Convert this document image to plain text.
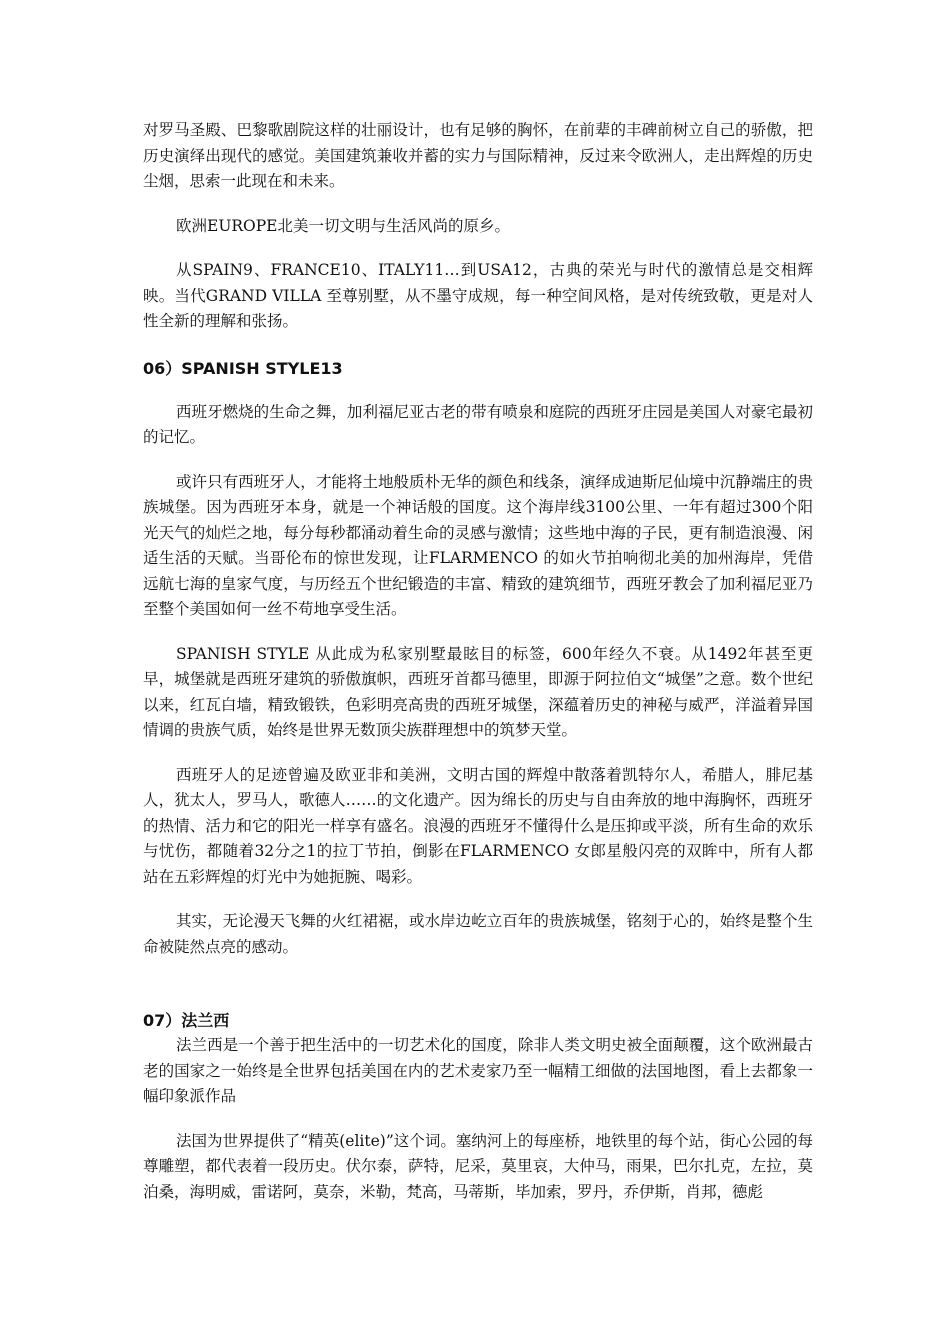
对罗马圣殿、巴黎歌剧院这样的壮丽设计，也有足够的胸怀，在前辈的丰碑前树立自己的骄傲，把历史演绎出现代的感觉。美国建筑兼收并蓄的实力与国际精神，反过来令欧洲人，走出辉煌的历史尘烟，思索一此现在和未来。

欧洲EUROPE北美一切文明与生活风尚的原乡。

从SPAIN9、FRANCE10、ITALY11…到USA12，古典的荣光与时代的激情总是交相辉映。当代GRAND VILLA 至尊别墅，从不墨守成规，每一种空间风格，是对传统致敬，更是对人性全新的理解和张扬。

06）SPANISH STYLE13

西班牙燃烧的生命之舞，加利福尼亚古老的带有喷泉和庭院的西班牙庄园是美国人对豪宅最初的记忆。

或许只有西班牙人，才能将土地般质朴无华的颜色和线条，演绎成迪斯尼仙境中沉静端庄的贵族城堡。因为西班牙本身，就是一个神话般的国度。这个海岸线3100公里、一年有超过300个阳光天气的灿烂之地，每分每秒都涌动着生命的灵感与激情；这些地中海的子民，更有制造浪漫、闲适生活的天赋。当哥伦布的惊世发现，让FLARMENCO 的如火节拍响彻北美的加州海岸，凭借远航七海的皇家气度，与历经五个世纪锻造的丰富、精致的建筑细节，西班牙教会了加利福尼亚乃至整个美国如何一丝不苟地享受生活。

SPANISH STYLE 从此成为私家别墅最眩目的标签，600年经久不衰。从1492年甚至更早，城堡就是西班牙建筑的骄傲旗帜，西班牙首都马德里，即源于阿拉伯文“城堡”之意。数个世纪以来，红瓦白墙，精致锻铁，色彩明亮高贵的西班牙城堡，深蕴着历史的神秘与威严，洋溢着异国情调的贵族气质，始终是世界无数顶尖族群理想中的筑梦天堂。

西班牙人的足迹曾遍及欧亚非和美洲，文明古国的辉煌中散落着凯特尔人，希腊人，腓尼基人，犹太人，罗马人，歌德人……的文化遗产。因为绵长的历史与自由奔放的地中海胸怀，西班牙的热情、活力和它的阳光一样享有盛名。浪漫的西班牙不懂得什么是压抑或平淡，所有生命的欢乐与忧伤，都随着32分之1的拉丁节拍，倒影在FLARMENCO 女郎星般闪亮的双眸中，所有人都站在五彩辉煌的灯光中为她扼腕、喝彩。

其实，无论漫天飞舞的火红裙裾，或水岸边屹立百年的贵族城堡，铭刻于心的，始终是整个生命被陡然点亮的感动。

07）法兰西

法兰西是一个善于把生活中的一切艺术化的国度，除非人类文明史被全面颠覆，这个欧洲最古老的国家之一始终是全世界包括美国在内的艺术麦家乃至一幅精工细做的法国地图，看上去都象一幅印象派作品

法国为世界提供了“精英(elite)”这个词。塞纳河上的每座桥，地铁里的每个站，街心公园的每尊雕塑，都代表着一段历史。伏尔泰，萨特，尼采，莫里哀，大仲马，雨果，巴尔扎克，左拉，莫泊桑，海明威，雷诺阿，莫奈，米勒，梵高，马蒂斯，毕加索，罗丹，乔伊斯，肖邦，德彪
